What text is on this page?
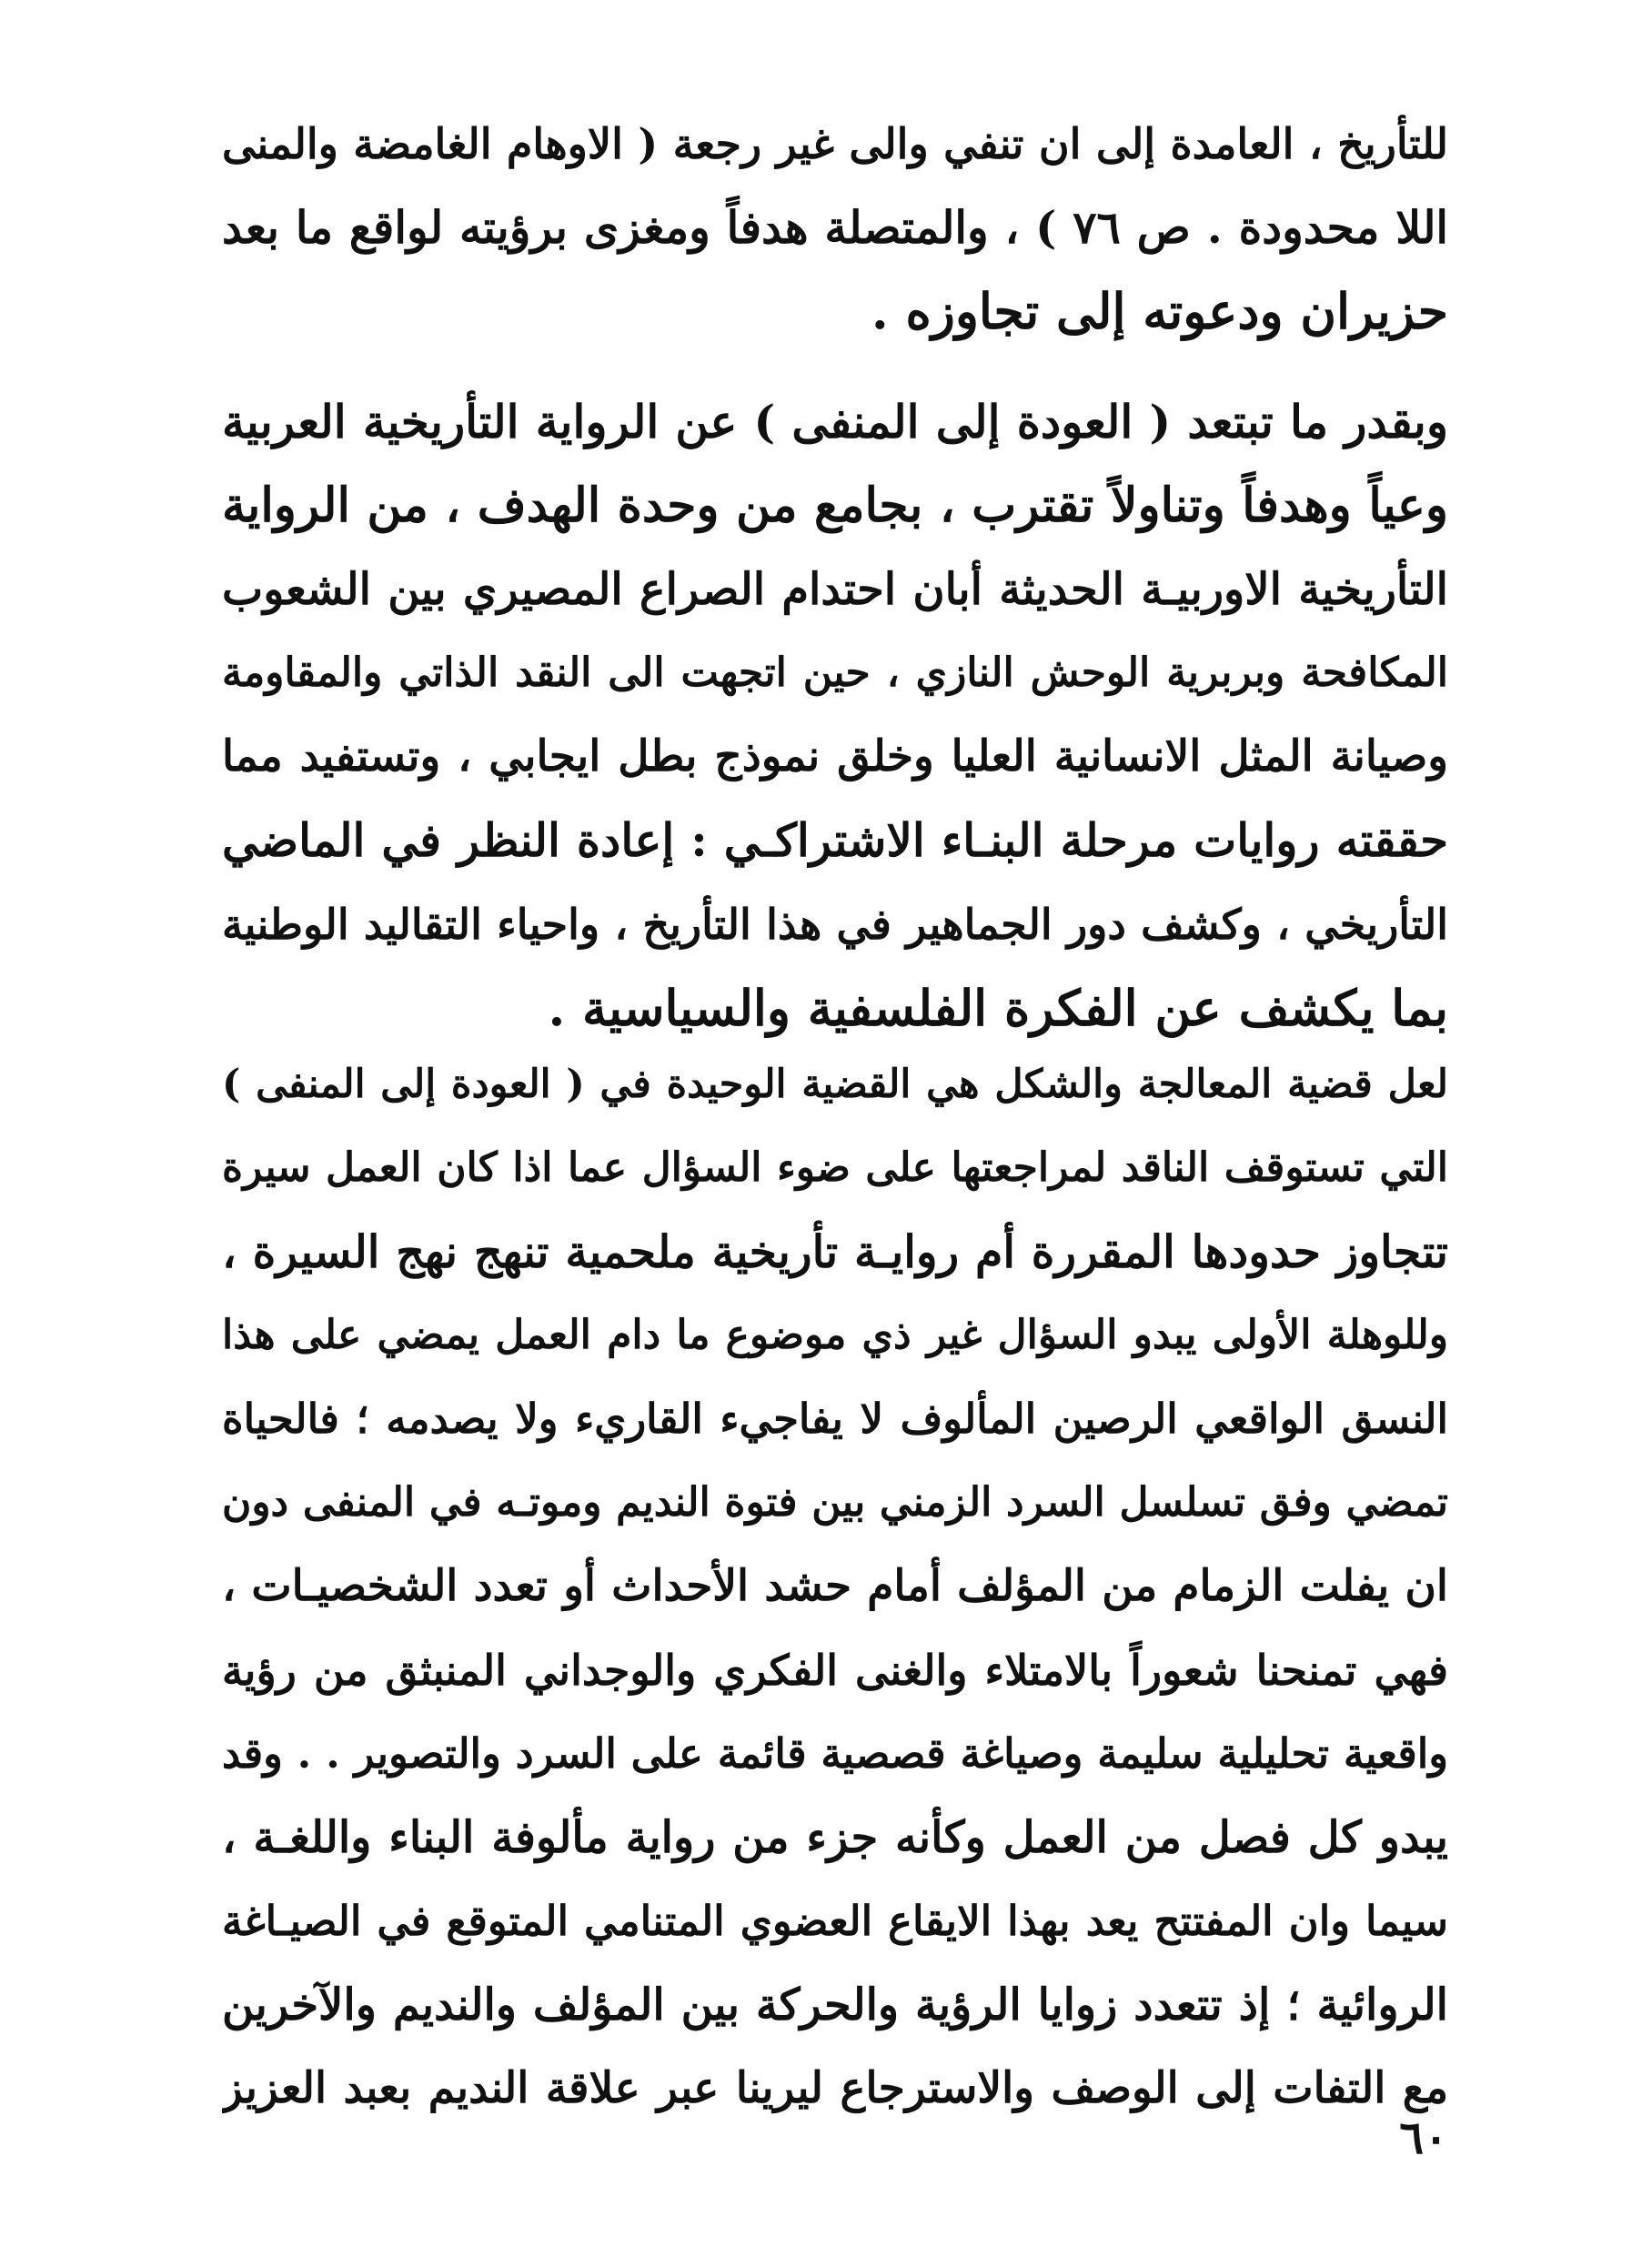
للتأريخ ، العامدة إلى ان تنفي والى غير رجعة ( الاوهام الغامضة والمنى
اللا محدودة . ص ٧٦ ) ، والمتصلة هدفاً ومغزى برؤيته لواقع ما بعد
حزيران ودعوته إلى تجاوزه .
وبقدر ما تبتعد ( العودة إلى المنفى ) عن الرواية التأريخية العربية
وعياً وهدفاً وتناولاً تقترب ، بجامع من وحدة الهدف ، من الرواية
التأريخية الاوربيـة الحديثة أبان احتدام الصراع المصيري بين الشعوب
المكافحة وبربرية الوحش النازي ، حين اتجهت الى النقد الذاتي والمقاومة
وصيانة المثل الانسانية العليا وخلق نموذج بطل ايجابي ، وتستفيد مما
حققته روايات مرحلة البنـاء الاشتراكـي : إعادة النظر في الماضي
التأريخي ، وكشف دور الجماهير في هذا التأريخ ، واحياء التقاليد الوطنية
بما يكشف عن الفكرة الفلسفية والسياسية .
لعل قضية المعالجة والشكل هي القضية الوحيدة في ( العودة إلى المنفى )
التي تستوقف الناقد لمراجعتها على ضوء السؤال عما اذا كان العمل سيرة
تتجاوز حدودها المقررة أم روايـة تأريخية ملحمية تنهج نهج السيرة ،
وللوهلة الأولى يبدو السؤال غير ذي موضوع ما دام العمل يمضي على هذا
النسق الواقعي الرصين المألوف لا يفاجيء القاريء ولا يصدمه ؛ فالحياة
تمضي وفق تسلسل السرد الزمني بين فتوة النديم وموتـه في المنفى دون
ان يفلت الزمام من المؤلف أمام حشد الأحداث أو تعدد الشخصيـات ،
فهي تمنحنا شعوراً بالامتلاء والغنى الفكري والوجداني المنبثق من رؤية
واقعية تحليلية سليمة وصياغة قصصية قائمة على السرد والتصوير . . وقد
يبدو كل فصل من العمل وكأنه جزء من رواية مألوفة البناء واللغـة ،
سيما وان المفتتح يعد بهذا الايقاع العضوي المتنامي المتوقع في الصيـاغة
الروائية ؛ إذ تتعدد زوايا الرؤية والحركة بين المؤلف والنديم والآخرين
مع التفات إلى الوصف والاسترجاع ليرينا عبر علاقة النديم بعبد العزيز
٦٠
